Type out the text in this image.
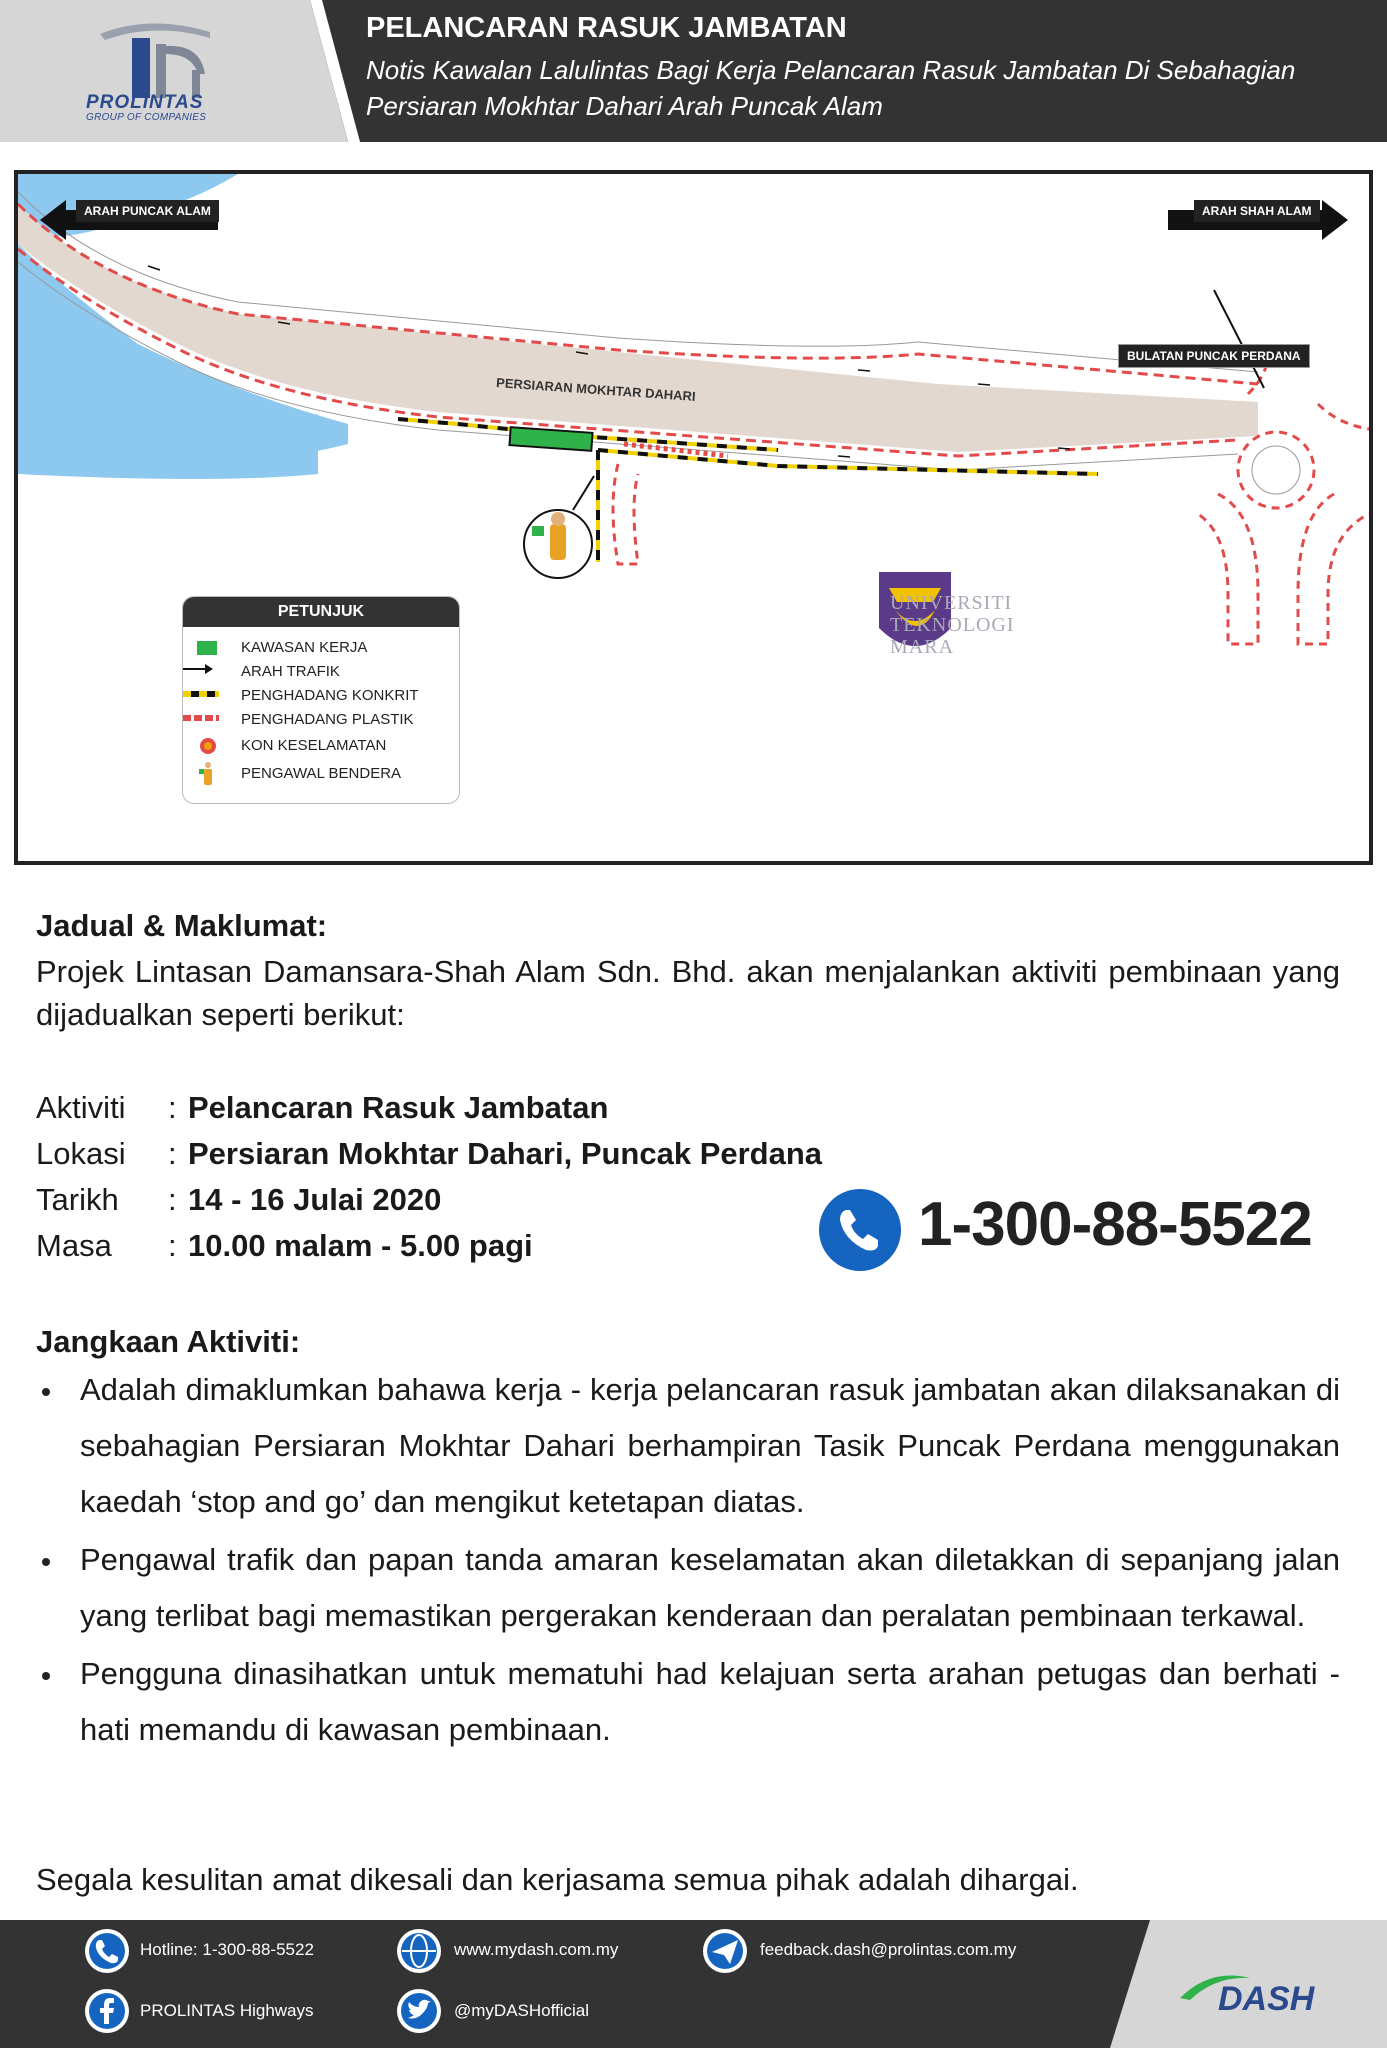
PROLINTAS
GROUP OF COMPANIES
PELANCARAN RASUK JAMBATAN
Notis Kawalan Lalulintas Bagi Kerja Pelancaran Rasuk Jambatan Di Sebahagian Persiaran Mokhtar Dahari Arah Puncak Alam
ARAH PUNCAK ALAM	ARAH SHAH ALAM
PERSIARAN MOKHTAR DAHARI
BULATAN PUNCAK PERDANA
UNIVERSITI
TEKNOLOGI
MARA
PETUNJUK
KAWASAN KERJA
ARAH TRAFIK
PENGHADANG KONKRIT
PENGHADANG PLASTIK
KON KESELAMATAN
PENGAWAL BENDERA
Jadual & Maklumat:
Projek Lintasan Damansara-Shah Alam Sdn. Bhd. akan menjalankan aktiviti pembinaan yang dijadualkan seperti berikut:
Aktiviti	: Pelancaran Rasuk Jambatan
Lokasi	: Persiaran Mokhtar Dahari, Puncak Perdana
Tarikh	: 14 - 16 Julai 2020
Masa	: 10.00 malam - 5.00 pagi	1-300-88-5522
Jangkaan Aktiviti:
Adalah dimaklumkan bahawa kerja - kerja pelancaran rasuk jambatan akan dilaksanakan di sebahagian Persiaran Mokhtar Dahari berhampiran Tasik Puncak Perdana menggunakan kaedah ‘stop and go’ dan mengikut ketetapan diatas.
Pengawal trafik dan papan tanda amaran keselamatan akan diletakkan di sepanjang jalan yang terlibat bagi memastikan pergerakan kenderaan dan peralatan pembinaan terkawal.
Pengguna dinasihatkan untuk mematuhi had kelajuan serta arahan petugas dan berhati - hati memandu di kawasan pembinaan.
Segala kesulitan amat dikesali dan kerjasama semua pihak adalah dihargai.
Hotline: 1-300-88-5522	www.mydash.com.my	feedback.dash@prolintas.com.my
PROLINTAS Highways	@myDASHofficial	DASH
